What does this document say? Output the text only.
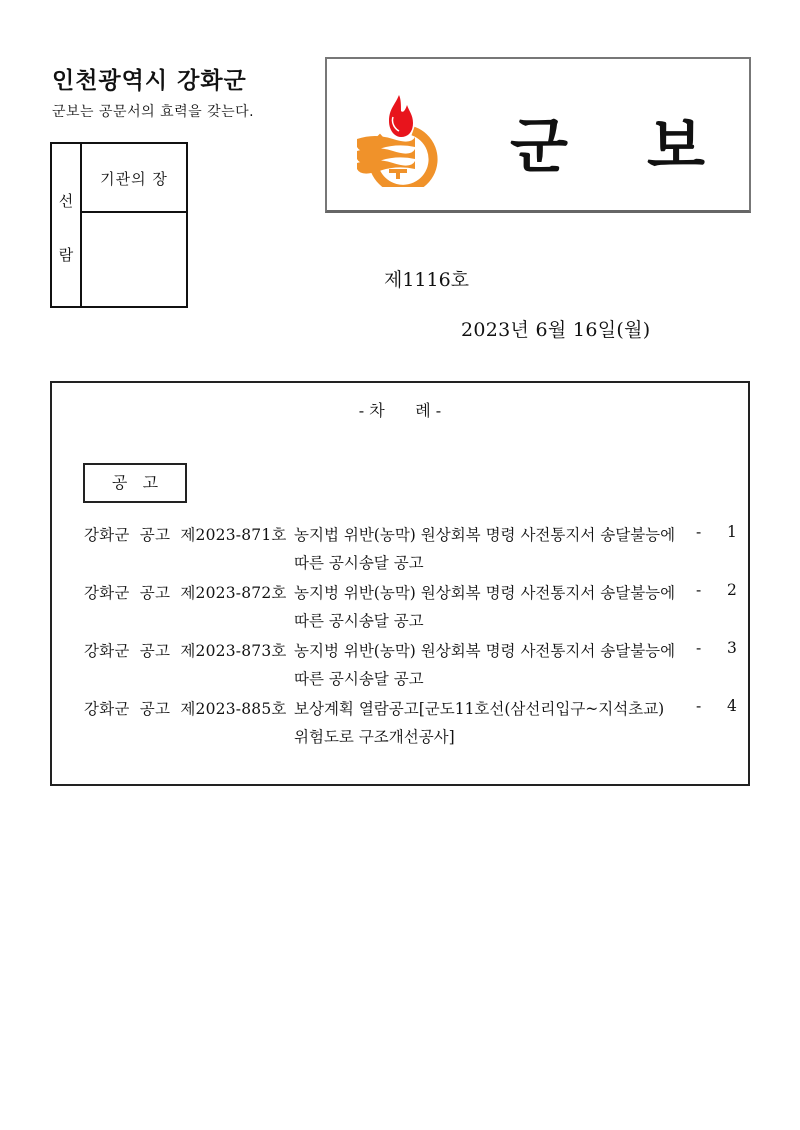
인천광역시 강화군
군보는 공문서의 효력을 갖는다.
선
람
기관의 장	군 보
제1116호
2023년 6월 16일(월)
- 차      례 -
공   고
강화군  공고  제2023-871호 농지법 위반(농막) 원상회복 명령 사전통지서 송달불능에
따른 공시송달 공고
- 1
강화군  공고  제2023-872호 농지벙 위반(농막) 원상회복 명령 사전통지서 송달불능에
따른 공시송달 공고
- 2
강화군  공고  제2023-873호 농지벙 위반(농막) 원상회복 명령 사전통지서 송달불능에
따른 공시송달 공고
- 3
강화군  공고  제2023-885호 보상계획 열람공고[군도11호선(삼선리입구~지석초교)
위험도로 구조개선공사]
- 4
